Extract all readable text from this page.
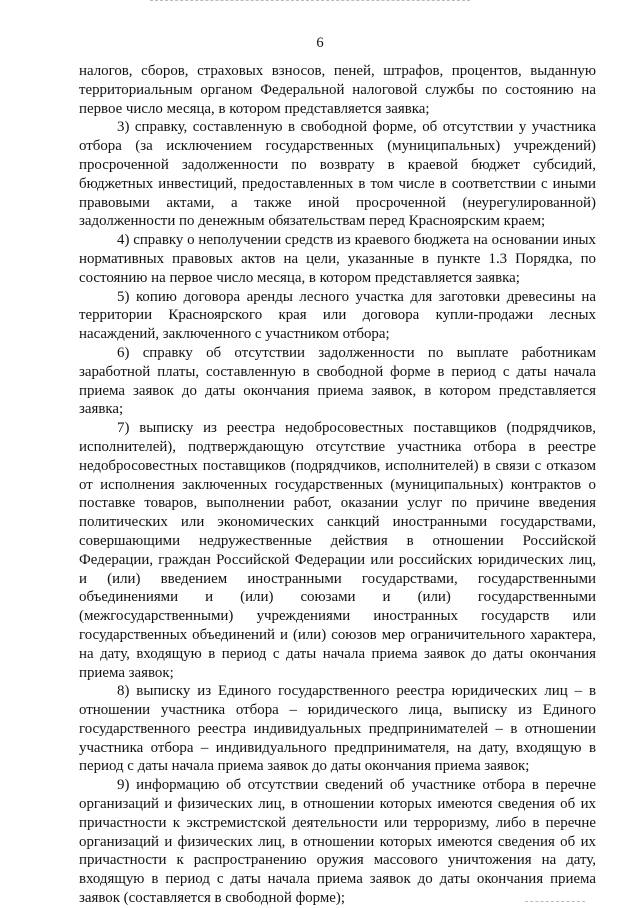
6

налогов, сборов, страховых взносов, пеней, штрафов, процентов, выданную территориальным органом Федеральной налоговой службы по состоянию на первое число месяца, в котором представляется заявка;

3) справку, составленную в свободной форме, об отсутствии у участника отбора (за исключением государственных (муниципальных) учреждений) просроченной задолженности по возврату в краевой бюджет субсидий, бюджетных инвестиций, предоставленных в том числе в соответствии с иными правовыми актами, а также иной просроченной (неурегулированной) задолженности по денежным обязательствам перед Красноярским краем;

4) справку о неполучении средств из краевого бюджета на основании иных нормативных правовых актов на цели, указанные в пункте 1.3 Порядка, по состоянию на первое число месяца, в котором представляется заявка;

5) копию договора аренды лесного участка для заготовки древесины на территории Красноярского края или договора купли-продажи лесных насаждений, заключенного с участником отбора;

6) справку об отсутствии задолженности по выплате работникам заработной платы, составленную в свободной форме в период с даты начала приема заявок до даты окончания приема заявок, в котором представляется заявка;

7) выписку из реестра недобросовестных поставщиков (подрядчиков, исполнителей), подтверждающую отсутствие участника отбора в реестре недобросовестных поставщиков (подрядчиков, исполнителей) в связи с отказом от исполнения заключенных государственных (муниципальных) контрактов о поставке товаров, выполнении работ, оказании услуг по причине введения политических или экономических санкций иностранными государствами, совершающими недружественные действия в отношении Российской Федерации, граждан Российской Федерации или российских юридических лиц, и (или) введением иностранными государствами, государственными объединениями и (или) союзами и (или) государственными (межгосударственными) учреждениями иностранных государств или государственных объединений и (или) союзов мер ограничительного характера, на дату, входящую в период с даты начала приема заявок до даты окончания приема заявок;

8) выписку из Единого государственного реестра юридических лиц – в отношении участника отбора – юридического лица, выписку из Единого государственного реестра индивидуальных предпринимателей – в отношении участника отбора – индивидуального предпринимателя, на дату, входящую в период с даты начала приема заявок до даты окончания приема заявок;

9) информацию об отсутствии сведений об участнике отбора в перечне организаций и физических лиц, в отношении которых имеются сведения об их причастности к экстремистской деятельности или терроризму, либо в перечне организаций и физических лиц, в отношении которых имеются сведения об их причастности к распространению оружия массового уничтожения на дату, входящую в период с даты начала приема заявок до даты окончания приема заявок (составляется в свободной форме);
